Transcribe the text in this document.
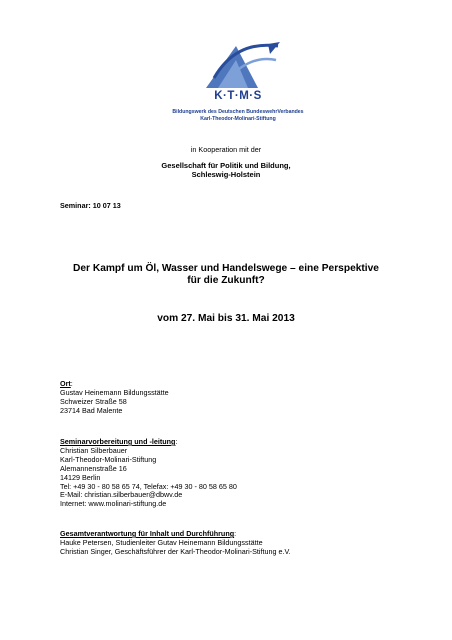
K·T·M·S
Bildungswerk des Deutschen BundeswehrVerbandes
Karl-Theodor-Molinari-Stiftung
in Kooperation mit der
Gesellschaft für Politik und Bildung,
Schleswig-Holstein
Seminar: 10 07 13
Der Kampf um Öl, Wasser und Handelswege – eine Perspektive
für die Zukunft?
vom 27. Mai bis 31. Mai 2013
Ort:
Gustav Heinemann Bildungsstätte
Schweizer Straße 58
23714 Bad Malente
Seminarvorbereitung und -leitung:
Christian Silberbauer
Karl-Theodor-Molinari-Stiftung
Alemannenstraße 16
14129 Berlin
Tel: +49 30 - 80 58 65 74, Telefax: +49 30 - 80 58 65 80
E-Mail: christian.silberbauer@dbwv.de
Internet: www.molinari-stiftung.de
Gesamtverantwortung für Inhalt und Durchführung:
Hauke Petersen, Studienleiter Gutav Heinemann Bildungsstätte
Christian Singer, Geschäftsführer der Karl-Theodor-Molinari-Stiftung e.V.
